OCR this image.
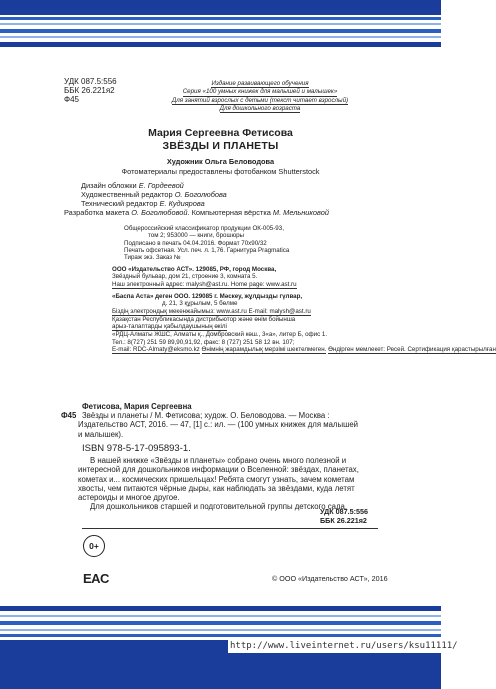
УДК 087.5:556
ББК 26.221я2
Ф45
Издание развивающего обучения
Серия «100 умных книжек для малышей и малышек»
Для занятий взрослых с детьми (текст читает взрослый)
Для дошкольного возраста
Мария Сергеевна Фетисова
ЗВЁЗДЫ И ПЛАНЕТЫ
Художник Ольга Беловодова
Фотоматериалы предоставлены фотобанком Shutterstock
Дизайн обложки Е. Гордеевой
Художественный редактор О. Боголюбова
Технический редактор Е. Кудиярова
Разработка макета О. Боголюбовой. Компьютерная вёрстка М. Мельниковой
Общероссийский классификатор продукции ОК-005-93,
том 2; 953000 — книги, брошюры
Подписано в печать 04.04.2016. Формат 70х90/32
Печать офсетная. Усл. печ. л. 1,76. Гарнитура Pragmatica
Тираж экз. Заказ №
ООО «Издательство АСТ». 129085, РФ, город Москва,
Звёздный бульвар, дом 21, строение 3, комната 5.
Наш электронный адрес: malysh@ast.ru. Home page: www.ast.ru
«Баспа Аста» деген ООО. 129085 г. Мәскеу, жұлдызды гүлвар,
д. 21, 3 құрылым, 5 бөлме
Біздің электрондық мекенжайымыз: www.ast.ru E-mail: malysh@ast.ru
Қазақстан Республикасында дистрибьютор және өнім бойынша
арыз-талаптарды қабылдаушының өкілі
«РДЦ-Алматы ЖШС, Алматы қ., Домбровский көш., 3«а», литер Б, офис 1.
Тел.: 8(727) 251 59 89,90,91,92, факс: 8 (727) 251 58 12 вн. 107;
E-mail: RDC-Almaty@eksmo.kz Өнімнің жарамдылық мерзімі шектелмеген. Өндірген мемлекет: Ресей. Сертификация қарастырылған
Ф45
Фетисова, Мария Сергеевна
Звёзды и планеты / М. Фетисова; худож. О. Беловодова. — Москва :
Издательство АСТ, 2016. — 47, [1] с.: ил. — (100 умных книжек для малышей
и малышек).
ISBN 978-5-17-095893-1.
В нашей книжке «Звёзды и планеты» собрано очень много полезной и
интересной для дошкольников информации о Вселенной: звёздах, планетах,
кометах и... космических пришельцах! Ребята смогут узнать, зачем кометам
хвосты, чем питаются чёрные дыры, как наблюдать за звёздами, куда летят
астероиды и многое другое.
Для дошкольников старшей и подготовительной группы детского сада.
УДК 087.5:556
ББК 26.221я2
0+
EAC	© ООО «Издательство АСТ», 2016
http://www.liveinternet.ru/users/ksu11111/
